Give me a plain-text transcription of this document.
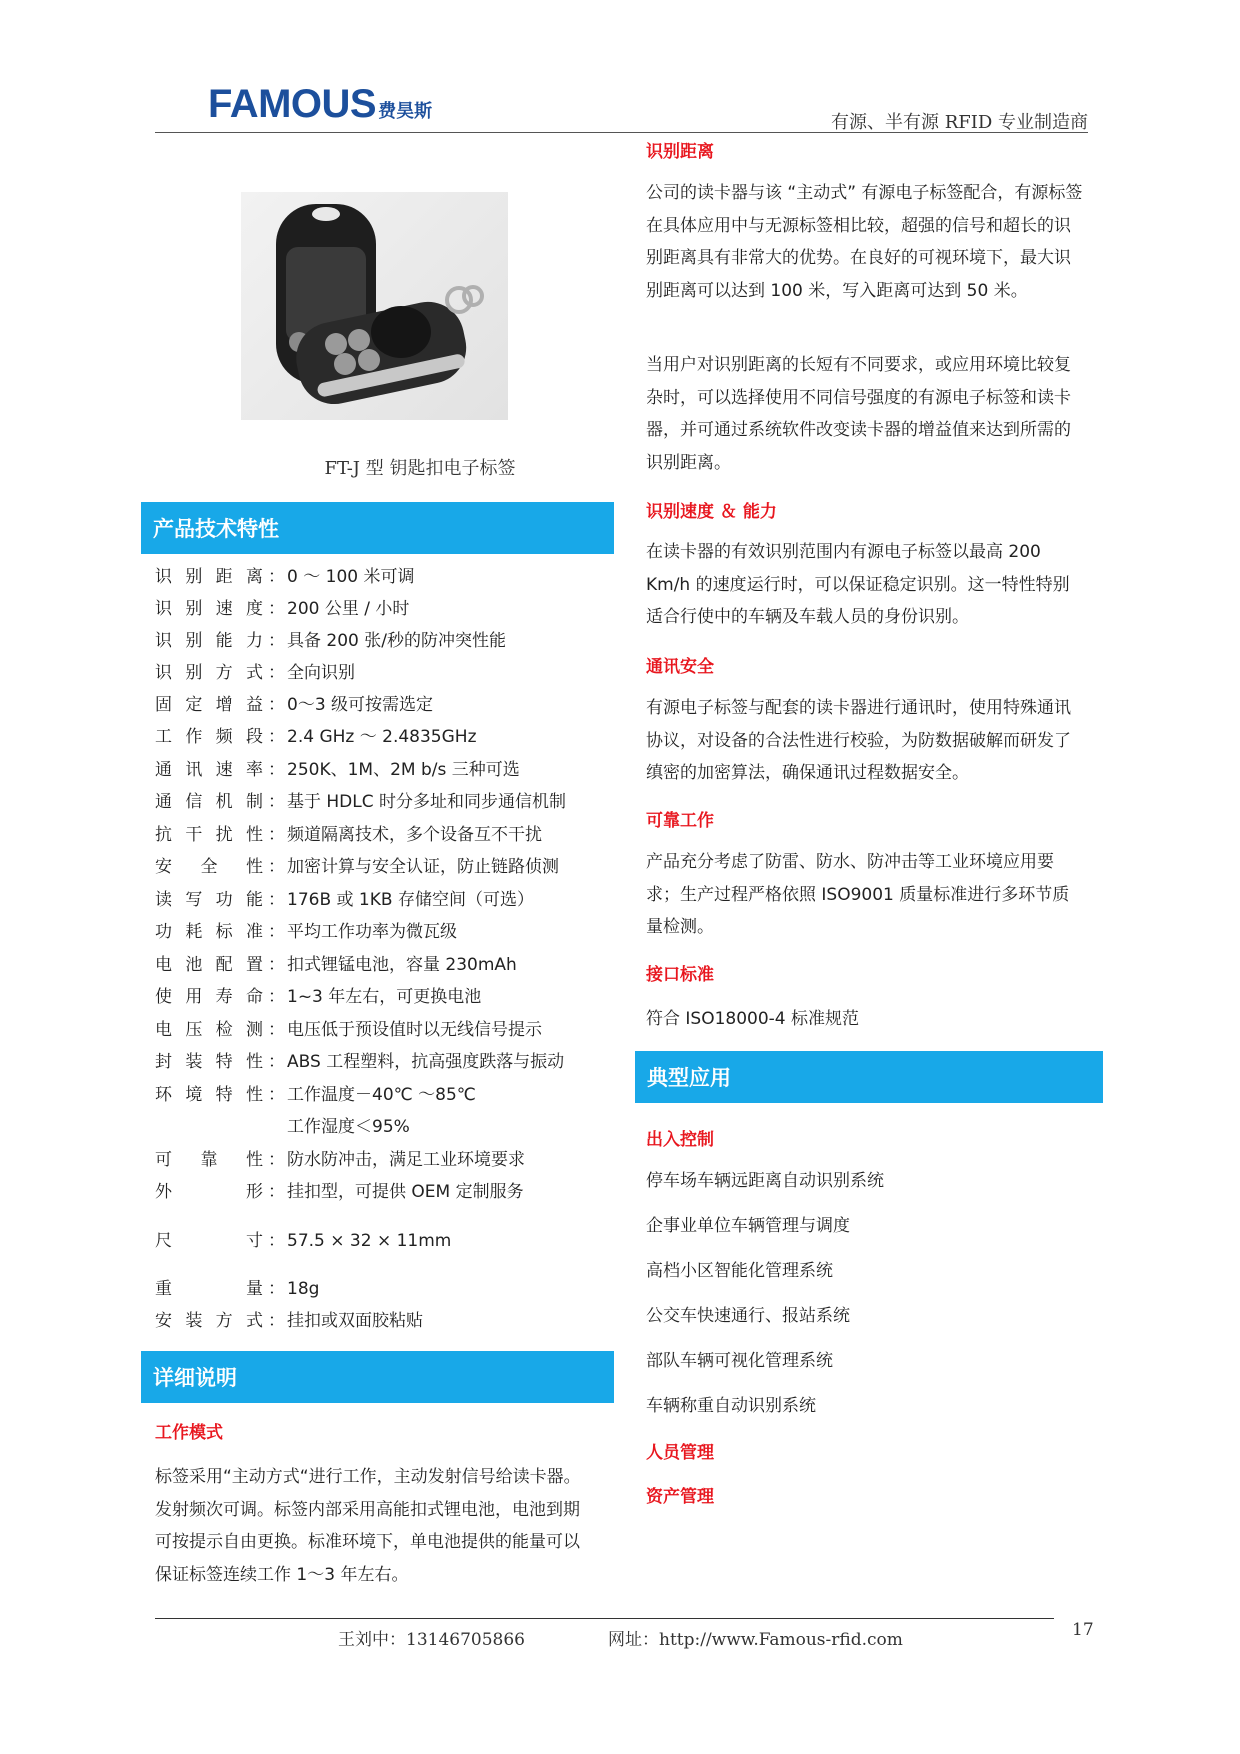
FAMOUS 费昊斯
有源、半有源 RFID 专业制造商
FT-J 型 钥匙扣电子标签
产品技术特性
识别距离 ： 0 ～ 100 米可调
识别速度 ： 200 公里 / 小时
识别能力 ： 具备 200 张/秒的防冲突性能
识别方式 ： 全向识别
固定增益 ： 0～3 级可按需选定
工作频段 ： 2.4 GHz ～ 2.4835GHz
通讯速率 ： 250K、1M、2M b/s 三种可选
通信机制 ： 基于 HDLC 时分多址和同步通信机制
抗干扰性 ： 频道隔离技术，多个设备互不干扰
安全性 ： 加密计算与安全认证，防止链路侦测
读写功能 ： 176B 或 1KB 存储空间（可选）
功耗标准 ： 平均工作功率为微瓦级
电池配置 ： 扣式锂锰电池，容量 230mAh
使用寿命 ： 1~3 年左右，可更换电池
电压检测 ： 电压低于预设值时以无线信号提示
封装特性 ： ABS 工程塑料，抗高强度跌落与振动
环境特性 ： 工作温度－40℃ ～85℃
工作湿度＜95%
可靠性 ： 防水防冲击，满足工业环境要求
外形 ： 挂扣型，可提供 OEM 定制服务
尺寸 ： 57.5 × 32 × 11mm
重量 ： 18g
安装方式 ： 挂扣或双面胶粘贴
详细说明
工作模式

标签采用“主动方式“进行工作，主动发射信号给读卡器。发射频次可调。标签内部采用高能扣式锂电池，电池到期可按提示自由更换。标准环境下，单电池提供的能量可以保证标签连续工作 1～3 年左右。

识别距离

公司的读卡器与该 “主动式” 有源电子标签配合，有源标签在具体应用中与无源标签相比较，超强的信号和超长的识别距离具有非常大的优势。在良好的可视环境下，最大识别距离可以达到 100 米，写入距离可达到 50 米。

当用户对识别距离的长短有不同要求，或应用环境比较复杂时，可以选择使用不同信号强度的有源电子标签和读卡器，并可通过系统软件改变读卡器的增益值来达到所需的识别距离。

识别速度 ＆ 能力

在读卡器的有效识别范围内有源电子标签以最高 200 Km/h 的速度运行时，可以保证稳定识别。这一特性特别适合行使中的车辆及车载人员的身份识别。

通讯安全

有源电子标签与配套的读卡器进行通讯时，使用特殊通讯协议，对设备的合法性进行校验，为防数据破解而研发了缜密的加密算法，确保通讯过程数据安全。

可靠工作

产品充分考虑了防雷、防水、防冲击等工业环境应用要求；生产过程严格依照 ISO9001 质量标准进行多环节质量检测。

接口标准
符合 ISO18000-4 标准规范
典型应用
出入控制
停车场车辆远距离自动识别系统
企事业单位车辆管理与调度
高档小区智能化管理系统
公交车快速通行、报站系统
部队车辆可视化管理系统
车辆称重自动识别系统
人员管理
资产管理
王刘中：13146705866	网址：http://www.Famous-rfid.com	17
